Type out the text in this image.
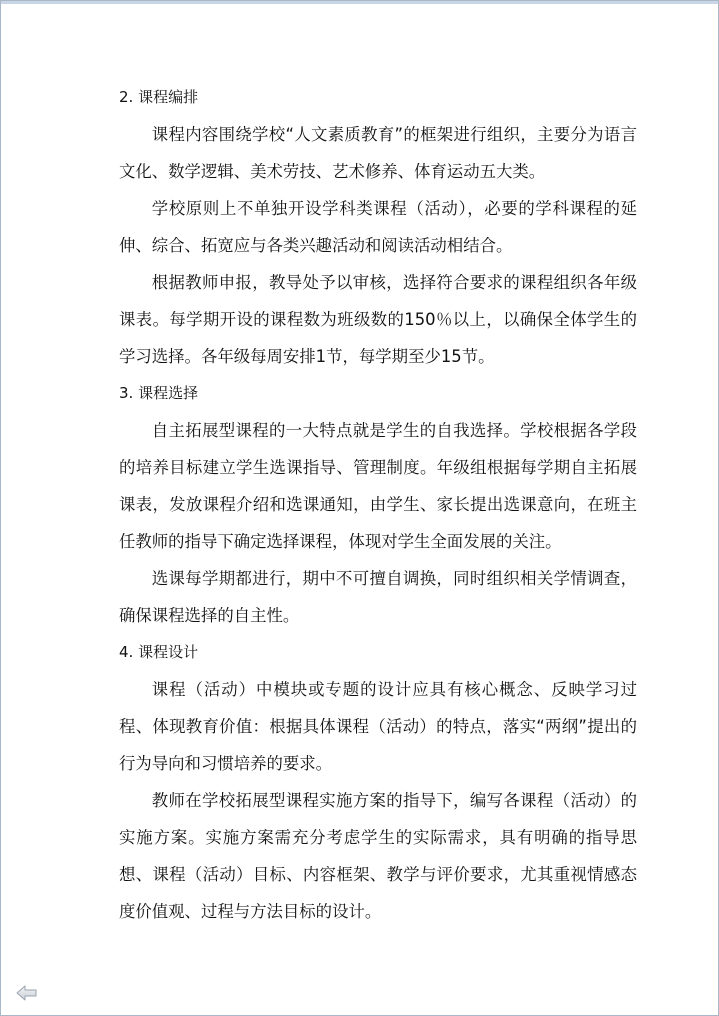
2. 课程编排

课程内容围绕学校“人文素质教育”的框架进行组织，主要分为语言文化、数学逻辑、美术劳技、艺术修养、体育运动五大类。

学校原则上不单独开设学科类课程（活动），必要的学科课程的延伸、综合、拓宽应与各类兴趣活动和阅读活动相结合。

根据教师申报，教导处予以审核，选择符合要求的课程组织各年级课表。每学期开设的课程数为班级数的150％以上，以确保全体学生的学习选择。各年级每周安排1节，每学期至少15节。

3. 课程选择

自主拓展型课程的一大特点就是学生的自我选择。学校根据各学段的培养目标建立学生选课指导、管理制度。年级组根据每学期自主拓展课表，发放课程介绍和选课通知，由学生、家长提出选课意向，在班主任教师的指导下确定选择课程，体现对学生全面发展的关注。

选课每学期都进行，期中不可擅自调换，同时组织相关学情调查，确保课程选择的自主性。

4. 课程设计

课程（活动）中模块或专题的设计应具有核心概念、反映学习过程、体现教育价值：根据具体课程（活动）的特点，落实“两纲”提出的行为导向和习惯培养的要求。

教师在学校拓展型课程实施方案的指导下，编写各课程（活动）的实施方案。实施方案需充分考虑学生的实际需求，具有明确的指导思想、课程（活动）目标、内容框架、教学与评价要求，尤其重视情感态度价值观、过程与方法目标的设计。
